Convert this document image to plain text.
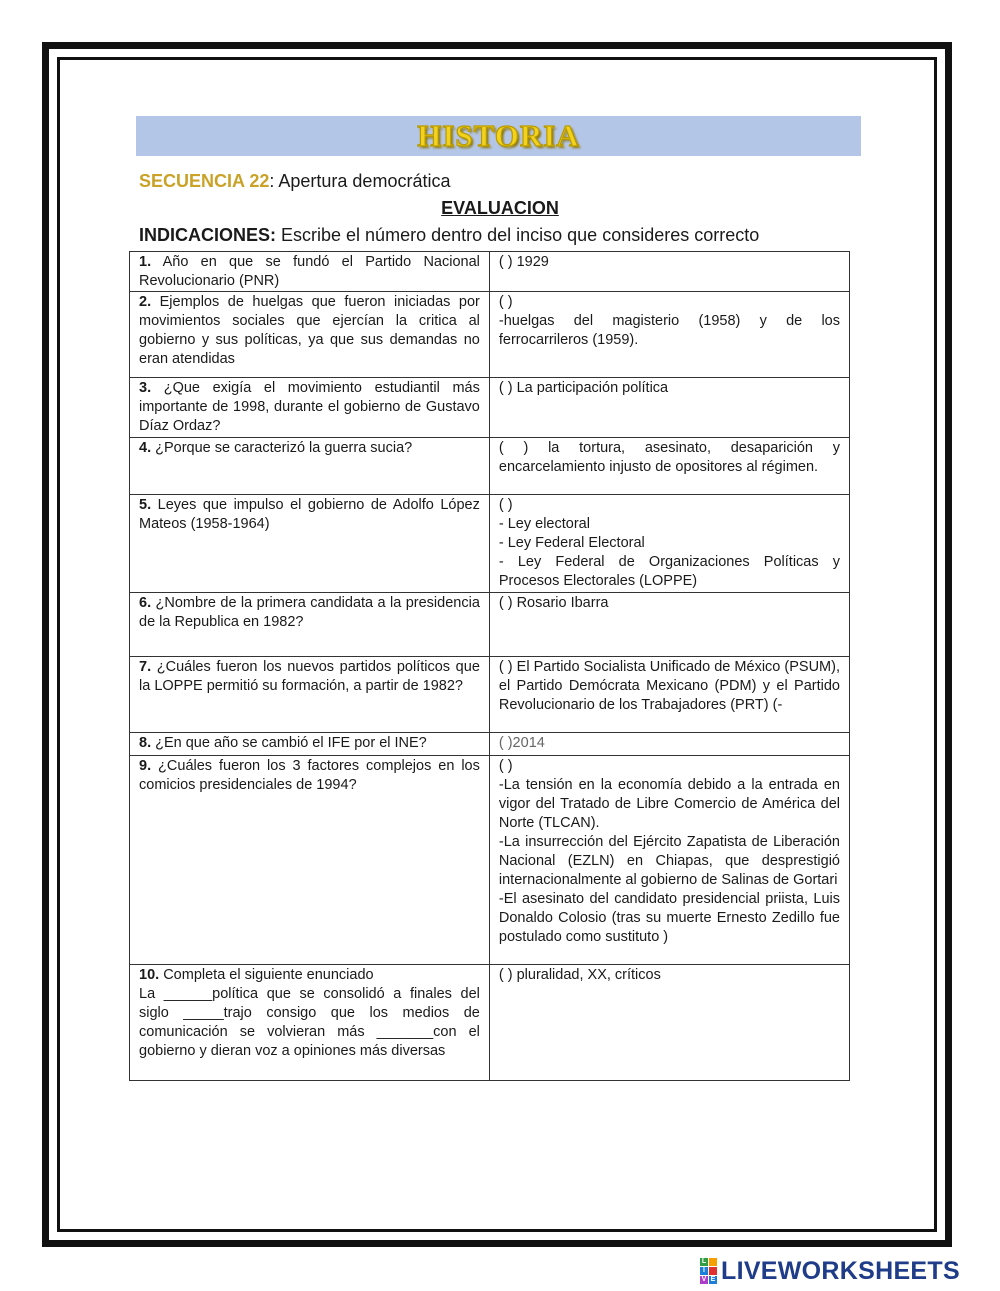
HISTORIA
SECUENCIA 22: Apertura democrática
EVALUACION
INDICACIONES: Escribe el número dentro del inciso que consideres correcto
1. Año en que se fundó el Partido Nacional Revolucionario (PNR)	( ) 1929

2. Ejemplos de huelgas que fueron iniciadas por movimientos sociales que ejercían la critica al gobierno y sus políticas, ya que sus demandas no eran atendidas	( )
-huelgas del magisterio (1958) y de los ferrocarrileros (1959).

3. ¿Que exigía el movimiento estudiantil más importante de 1998, durante el gobierno de Gustavo Díaz Ordaz?	( ) La participación política

4. ¿Porque se caracterizó la guerra sucia?	( ) la tortura, asesinato, desaparición y encarcelamiento injusto de opositores al régimen.

5. Leyes que impulso el gobierno de Adolfo López Mateos (1958-1964)	( )
- Ley electoral
- Ley Federal Electoral
- Ley Federal de Organizaciones Políticas y Procesos Electorales (LOPPE)

6. ¿Nombre de la primera candidata a la presidencia de la Republica en 1982?	( ) Rosario Ibarra

7. ¿Cuáles fueron los nuevos partidos políticos que la LOPPE permitió su formación, a partir de 1982?	( ) El Partido Socialista Unificado de México (PSUM), el Partido Demócrata Mexicano (PDM) y el Partido Revolucionario de los Trabajadores (PRT) (-

8. ¿En que año se cambió el IFE por el INE?	( )2014

9. ¿Cuáles fueron los 3 factores complejos en los comicios presidenciales de 1994?	( )
-La tensión en la economía debido a la entrada en vigor del Tratado de Libre Comercio de América del Norte (TLCAN).
-La insurrección del Ejército Zapatista de Liberación Nacional (EZLN) en Chiapas, que desprestigió internacionalmente al gobierno de Salinas de Gortari
-El asesinato del candidato presidencial priista, Luis Donaldo Colosio (tras su muerte Ernesto Zedillo fue postulado como sustituto )

10. Completa el siguiente enunciado
La ______política que se consolidó a finales del siglo _____trajo consigo que los medios de comunicación se volvieran más _______con el gobierno y dieran voz a opiniones más diversas	( ) pluralidad, XX, críticos
L
I
V E LIVEWORKSHEETS
